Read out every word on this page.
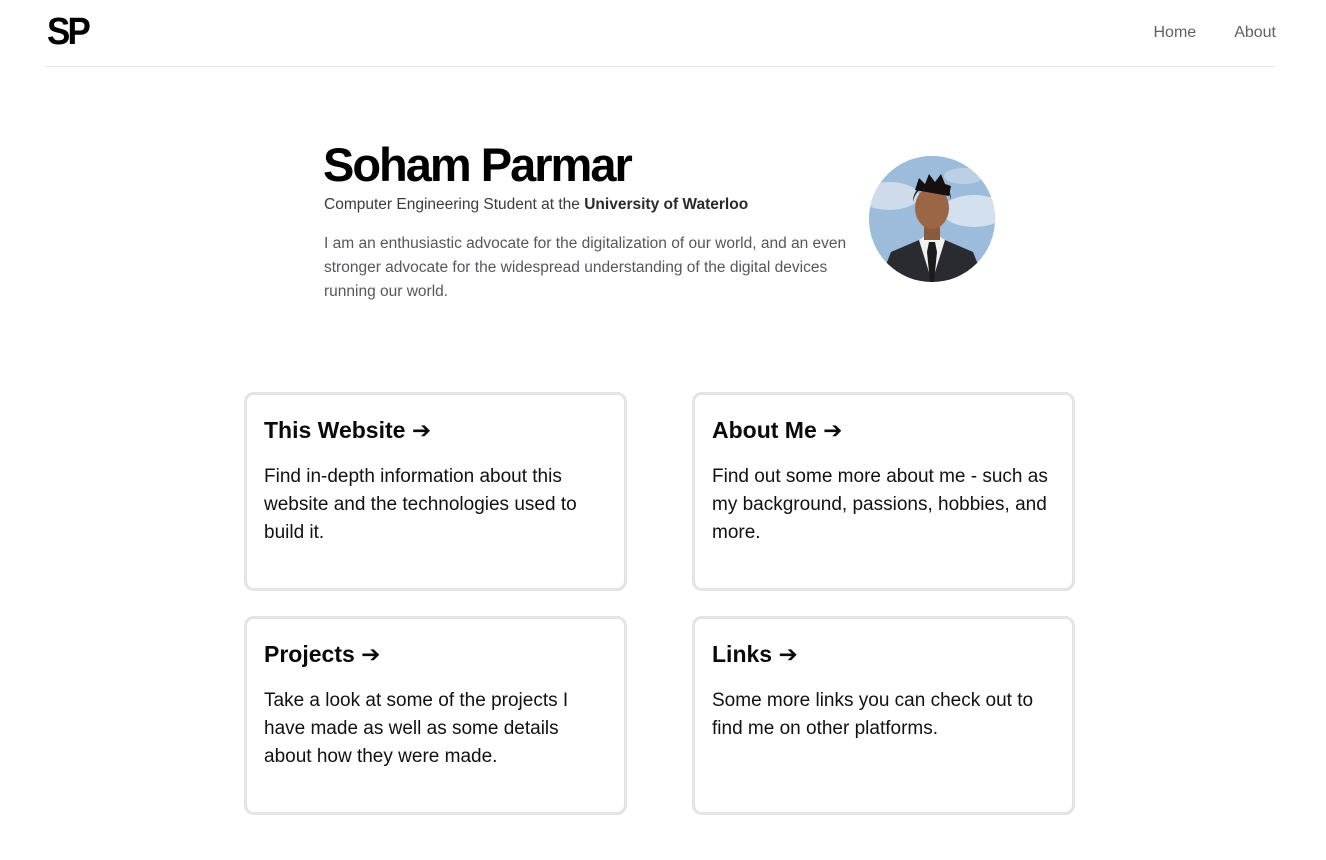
SP	Home About
Soham Parmar

Computer Engineering Student at the University of Waterloo

I am an enthusiastic advocate for the digitalization of our world, and an even stronger advocate for the widespread understanding of the digital devices running our world.

This Website ➔

Find in-depth information about this website and the technologies used to build it.

About Me ➔

Find out some more about me - such as my background, passions, hobbies, and more.

Projects ➔

Take a look at some of the projects I have made as well as some details about how they were made.

Links ➔

Some more links you can check out to find me on other platforms.
